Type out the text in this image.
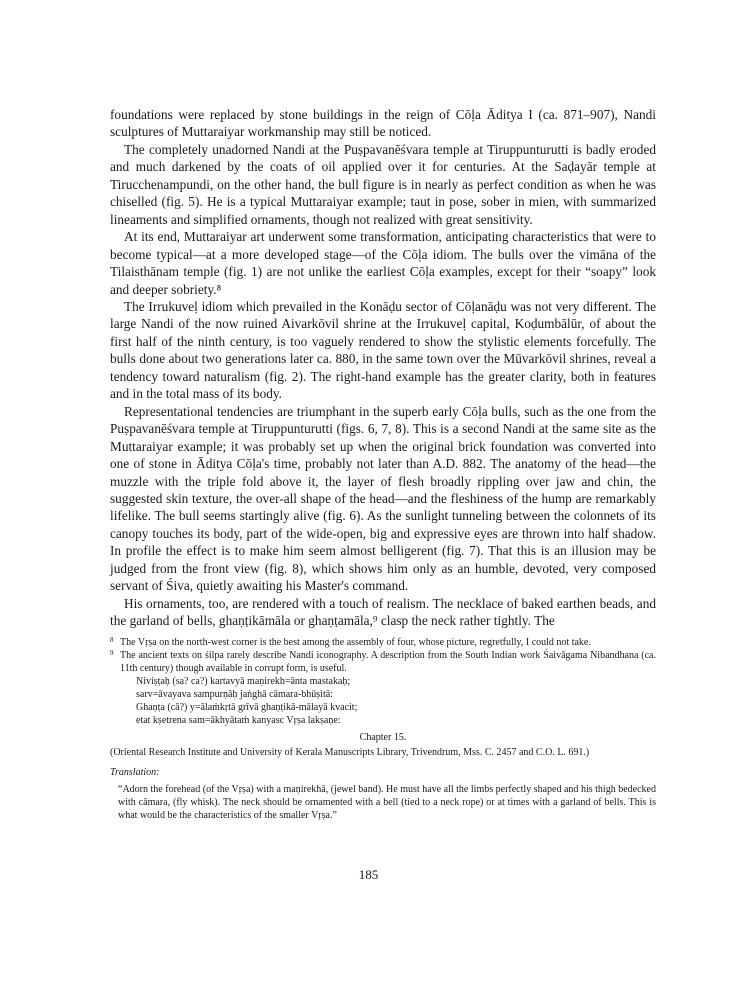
foundations were replaced by stone buildings in the reign of Cōḷa Āditya I (ca. 871–907), Nandi sculptures of Muttaraiyar workmanship may still be noticed.

The completely unadorned Nandi at the Puṣpavanēśvara temple at Tiruppunturutti is badly eroded and much darkened by the coats of oil applied over it for centuries. At the Saḍayār temple at Tirucchenampundi, on the other hand, the bull figure is in nearly as perfect condition as when he was chiselled (fig. 5). He is a typical Muttaraiyar example; taut in pose, sober in mien, with summarized lineaments and simplified ornaments, though not realized with great sensitivity.

At its end, Muttaraiyar art underwent some transformation, anticipating characteristics that were to become typical—at a more developed stage—of the Cōḷa idiom. The bulls over the vimāna of the Tilaisthānam temple (fig. 1) are not unlike the earliest Cōḷa examples, except for their “soapy” look and deeper sobriety.⁸

The Irrukuveḷ idiom which prevailed in the Konāḍu sector of Cōḷanāḍu was not very different. The large Nandi of the now ruined Aivarkōvil shrine at the Irrukuveḷ capital, Koḍumbālūr, of about the first half of the ninth century, is too vaguely rendered to show the stylistic elements forcefully. The bulls done about two generations later ca. 880, in the same town over the Mūvarkōvil shrines, reveal a tendency toward naturalism (fig. 2). The right-hand example has the greater clarity, both in features and in the total mass of its body.

Representational tendencies are triumphant in the superb early Cōḷa bulls, such as the one from the Puṣpavanēśvara temple at Tiruppunturutti (figs. 6, 7, 8). This is a second Nandi at the same site as the Muttaraiyar example; it was probably set up when the original brick foundation was converted into one of stone in Āditya Cōḷa's time, probably not later than A.D. 882. The anatomy of the head—the muzzle with the triple fold above it, the layer of flesh broadly rippling over jaw and chin, the suggested skin texture, the over-all shape of the head—and the fleshiness of the hump are remarkably lifelike. The bull seems startingly alive (fig. 6). As the sunlight tunneling between the colonnets of its canopy touches its body, part of the wide-open, big and expressive eyes are thrown into half shadow. In profile the effect is to make him seem almost belligerent (fig. 7). That this is an illusion may be judged from the front view (fig. 8), which shows him only as an humble, devoted, very composed servant of Śiva, quietly awaiting his Master's command.

His ornaments, too, are rendered with a touch of realism. The necklace of baked earthen beads, and the garland of bells, ghaṇṭikāmāla or ghaṇṭamāla,⁹ clasp the neck rather tightly. The

8 The Vṛṣa on the north-west corner is the best among the assembly of four, whose picture, regretfully, I could not take.
9 The ancient texts on śilpa rarely describe Nandi iconography. A description from the South Indian work Śaivāgama Nibandhana (ca. 11th century) though available in corrupt form, is useful.
Niviṣṭaḥ (sa? ca?) kartavyā maṇirekh=ānta mastakaḥ;
sarv=āvayava sampurṇāḥ jaṅghā cāmara-bhūṣitā:
Ghaṇṭa (cā?) y=ālaṁkṛtā grīvā ghaṇṭikā-mālayā kvacit;
etat kṣetrena sam=ākhyātaṁ kanyasc Vṛṣa lakṣaṇe:
Chapter 15.
(Oriental Research Institute and University of Kerala Manuscripts Library, Trivendrum, Mss. C. 2457 and C.O. L. 691.)
Translation:
“Adorn the forehead (of the Vṛṣa) with a maṇirekhā, (jewel band). He must have all the limbs perfectly shaped and his thigh bedecked with cāmara, (fly whisk). The neck should be ornamented with a bell (tied to a neck rope) or at times with a garland of bells. This is what would be the characteristics of the smaller Vṛṣa.”
185
